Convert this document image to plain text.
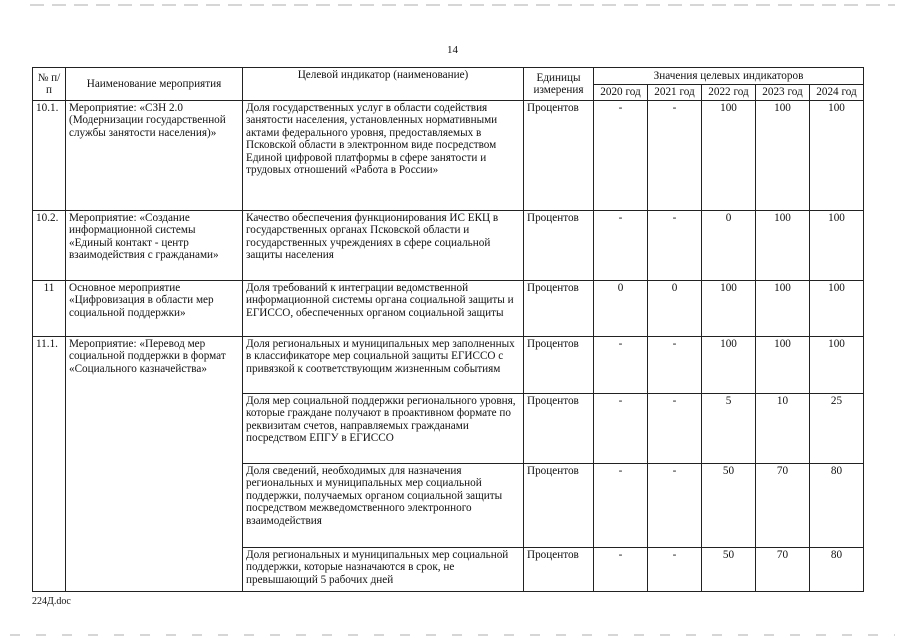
14
№ п/п	Наименование мероприятия	Целевой индикатор (наименование)	Единицы измерения	Значения целевых индикаторов				
				2020 год	2021 год	2022 год	2023 год	2024 год
10.1.	Мероприятие: «СЗН 2.0 (Модернизации государственной службы занятости населения)»	Доля государственных услуг в области содействия занятости населения, установленных нормативными актами федерального уровня, предоставляемых в Псковской области в электронном виде посредством Единой цифровой платформы в сфере занятости и трудовых отношений «Работа в России»	Процентов	-	-	100	100	100
10.2.	Мероприятие: «Создание информационной системы «Единый контакт - центр взаимодействия с гражданами»	Качество обеспечения функционирования ИС ЕКЦ в государственных органах Псковской области и государственных учреждениях в сфере социальной защиты населения	Процентов	-	-	0	100	100
11	Основное мероприятие «Цифровизация в области мер социальной поддержки»	Доля требований к интеграции ведомственной информационной системы органа социальной защиты и ЕГИССО, обеспеченных органом социальной защиты	Процентов	0	0	100	100	100
11.1.	Мероприятие: «Перевод мер социальной поддержки в формат «Социального казначейства»	Доля региональных и муниципальных мер заполненных в классификаторе мер социальной защиты ЕГИССО с привязкой к соответствующим жизненным событиям	Процентов	-	-	100	100	100
		Доля мер социальной поддержки регионального уровня, которые граждане получают в проактивном формате по реквизитам счетов, направляемых гражданами посредством ЕПГУ в ЕГИССО	Процентов	-	-	5	10	25
		Доля сведений, необходимых для назначения региональных и муниципальных мер социальной поддержки, получаемых органом социальной защиты посредством межведомственного электронного взаимодействия	Процентов	-	-	50	70	80
		Доля региональных и муниципальных мер социальной поддержки, которые назначаются в срок, не превышающий 5 рабочих дней	Процентов	-	-	50	70	80
224Д.doc
